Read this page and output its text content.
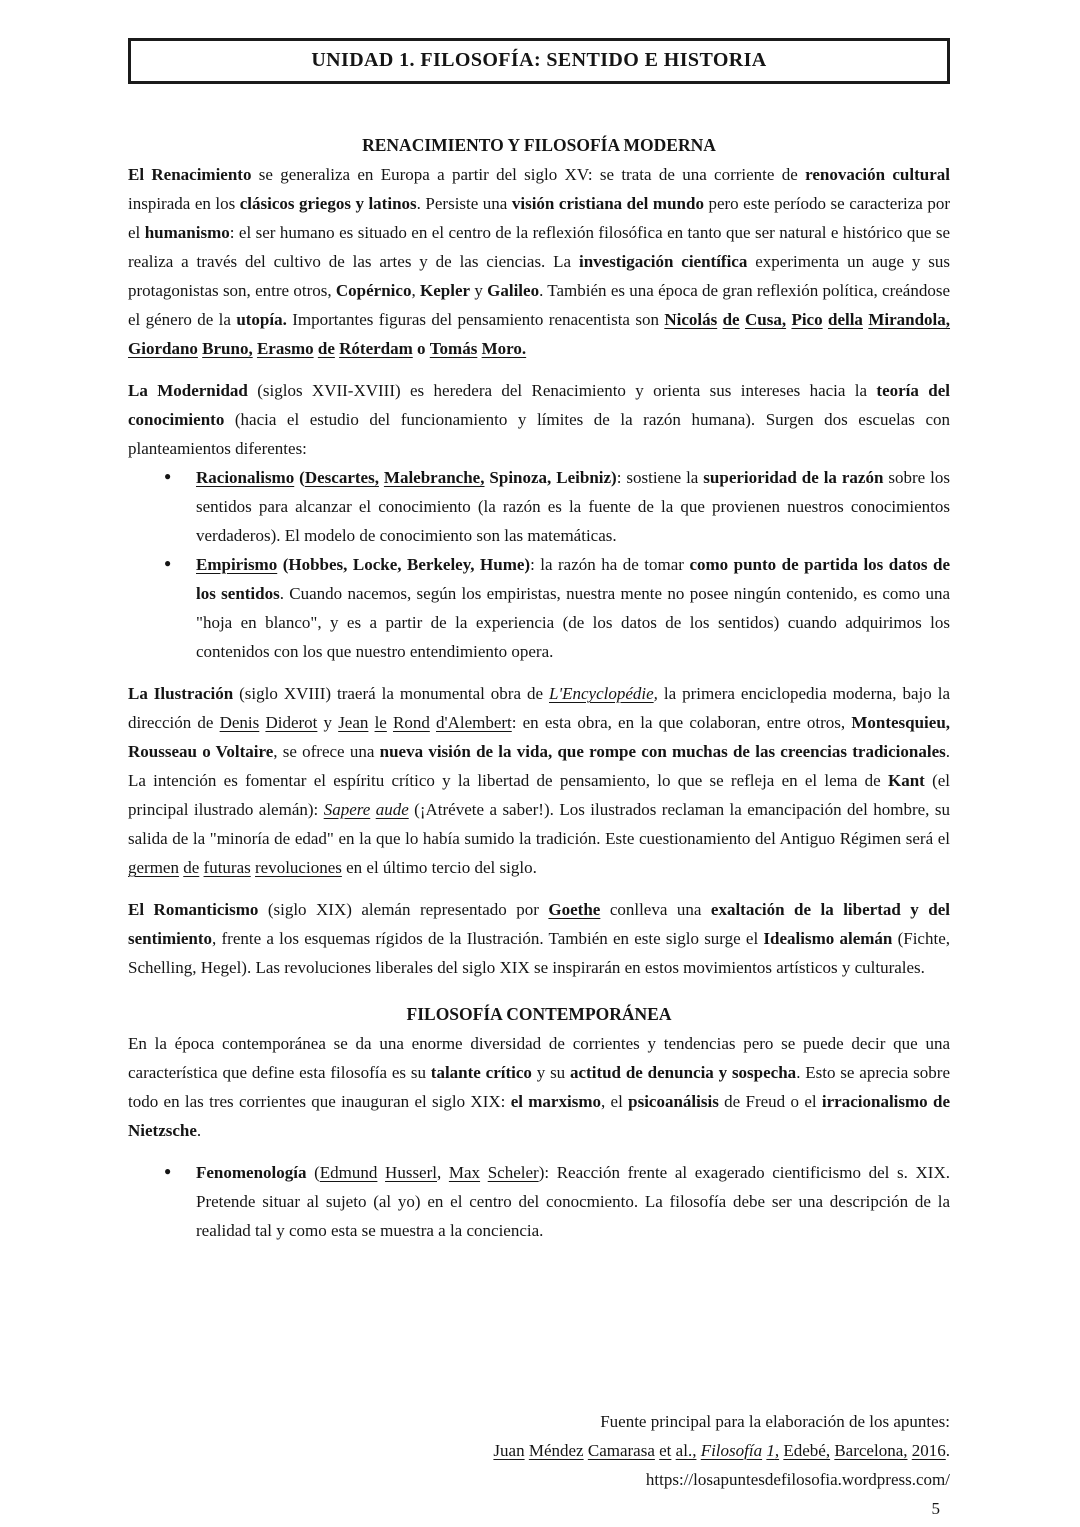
UNIDAD 1. FILOSOFÍA: SENTIDO E HISTORIA
RENACIMIENTO Y FILOSOFÍA MODERNA
El Renacimiento se generaliza en Europa a partir del siglo XV: se trata de una corriente de renovación cultural inspirada en los clásicos griegos y latinos. Persiste una visión cristiana del mundo pero este período se caracteriza por el humanismo: el ser humano es situado en el centro de la reflexión filosófica en tanto que ser natural e histórico que se realiza a través del cultivo de las artes y de las ciencias. La investigación científica experimenta un auge y sus protagonistas son, entre otros, Copérnico, Kepler y Galileo. También es una época de gran reflexión política, creándose el género de la utopía. Importantes figuras del pensamiento renacentista son Nicolás de Cusa, Pico della Mirandola, Giordano Bruno, Erasmo de Róterdam o Tomás Moro.
La Modernidad (siglos XVII-XVIII) es heredera del Renacimiento y orienta sus intereses hacia la teoría del conocimiento (hacia el estudio del funcionamiento y límites de la razón humana). Surgen dos escuelas con planteamientos diferentes:
● Racionalismo (Descartes, Malebranche, Spinoza, Leibniz): sostiene la superioridad de la razón sobre los sentidos para alcanzar el conocimiento (la razón es la fuente de la que provienen nuestros conocimientos verdaderos). El modelo de conocimiento son las matemáticas.
● Empirismo (Hobbes, Locke, Berkeley, Hume): la razón ha de tomar como punto de partida los datos de los sentidos. Cuando nacemos, según los empiristas, nuestra mente no posee ningún contenido, es como una "hoja en blanco", y es a partir de la experiencia (de los datos de los sentidos) cuando adquirimos los contenidos con los que nuestro entendimiento opera.
La Ilustración (siglo XVIII) traerá la monumental obra de L'Encyclopédie, la primera enciclopedia moderna, bajo la dirección de Denis Diderot y Jean le Rond d'Alembert: en esta obra, en la que colaboran, entre otros, Montesquieu, Rousseau o Voltaire, se ofrece una nueva visión de la vida, que rompe con muchas de las creencias tradicionales. La intención es fomentar el espíritu crítico y la libertad de pensamiento, lo que se refleja en el lema de Kant (el principal ilustrado alemán): Sapere aude (¡Atrévete a saber!). Los ilustrados reclaman la emancipación del hombre, su salida de la "minoría de edad" en la que lo había sumido la tradición. Este cuestionamiento del Antiguo Régimen será el germen de futuras revoluciones en el último tercio del siglo.
El Romanticismo (siglo XIX) alemán representado por Goethe conlleva una exaltación de la libertad y del sentimiento, frente a los esquemas rígidos de la Ilustración. También en este siglo surge el Idealismo alemán (Fichte, Schelling, Hegel). Las revoluciones liberales del siglo XIX se inspirarán en estos movimientos artísticos y culturales.
FILOSOFÍA CONTEMPORÁNEA
En la época contemporánea se da una enorme diversidad de corrientes y tendencias pero se puede decir que una característica que define esta filosofía es su talante crítico y su actitud de denuncia y sospecha. Esto se aprecia sobre todo en las tres corrientes que inauguran el siglo XIX: el marxismo, el psicoanálisis de Freud o el irracionalismo de Nietzsche.
● Fenomenología (Edmund Husserl, Max Scheler): Reacción frente al exagerado cientificismo del s. XIX. Pretende situar al sujeto (al yo) en el centro del conocmiento. La filosofía debe ser una descripción de la realidad tal y como esta se muestra a la conciencia.
Fuente principal para la elaboración de los apuntes:
Juan Méndez Camarasa et al., Filosofía 1, Edebé, Barcelona, 2016.
https://losapuntesdefilosofia.wordpress.com/
5
